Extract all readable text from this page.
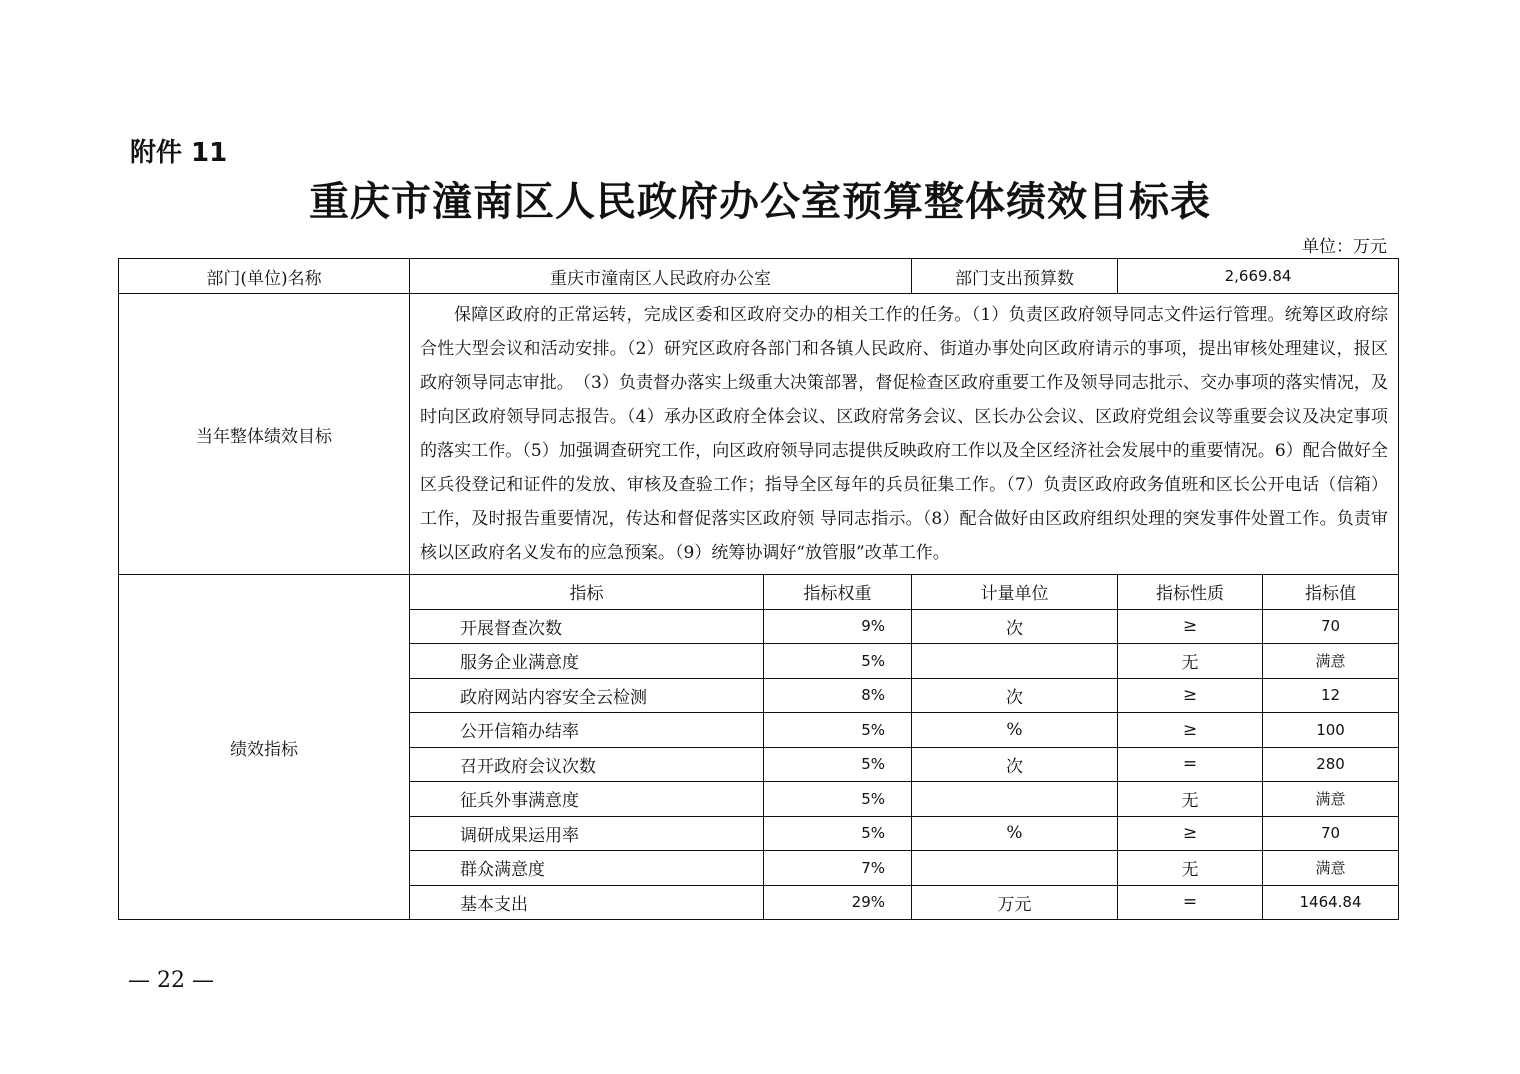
附件 11
重庆市潼南区人民政府办公室预算整体绩效目标表
单位：万元
部门(单位)名称	重庆市潼南区人民政府办公室		部门支出预算数	2,669.84	
当年整体绩效目标	保障区政府的正常运转，完成区委和区政府交办的相关工作的任务。（1）负责区政府领导同志文件运行管理。统筹区政府综合性大型会议和活动安排。（2）研究区政府各部门和各镇人民政府、街道办事处向区政府请示的事项，提出审核处理建议，报区政府领导同志审批。　（3）负责督办落实上级重大决策部署，督促检查区政府重要工作及领导同志批示、交办事项的落实情况，及时向区政府领导同志报告。（4）承办区政府全体会议、区政府常务会议、区长办公会议、区政府党组会议等重要会议及决定事项的落实工作。（5）加强调查研究工作，向区政府领导同志提供反映政府工作以及全区经济社会发展中的重要情况。6）配合做好全区兵役登记和证件的发放、审核及查验工作；指导全区每年的兵员征集工作。（7）负责区政府政务值班和区长公开电话（信箱）工作，及时报告重要情况，传达和督促落实区政府领 导同志指示。（8）配合做好由区政府组织处理的突发事件处置工作。负责审核以区政府名义发布的应急预案。（9）统筹协调好“放管服”改革工作。				
绩效指标	指标	指标权重	计量单位	指标性质	指标值
	开展督查次数	9%	次	≥	70
	服务企业满意度	5%		无	满意
	政府网站内容安全云检测	8%	次	≥	12
	公开信箱办结率	5%	%	≥	100
	召开政府会议次数	5%	次	=	280
	征兵外事满意度	5%		无	满意
	调研成果运用率	5%	%	≥	70
	群众满意度	7%		无	满意
	基本支出	29%	万元	=	1464.84
— 22 —
